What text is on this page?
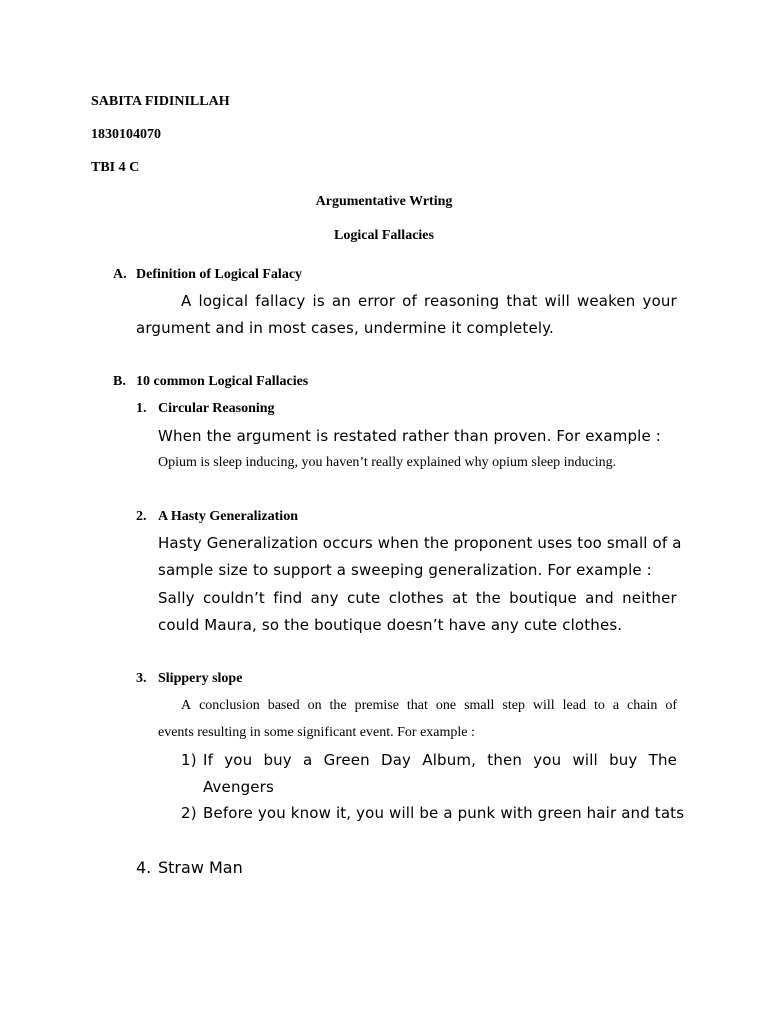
SABITA FIDINILLAH
1830104070
TBI 4 C
Argumentative Wrting
Logical Fallacies
A. Definition of Logical Falacy
A logical fallacy is an error of reasoning that will weaken your
argument and in most cases, undermine it completely.
B. 10 common Logical Fallacies
1. Circular Reasoning
When the argument is restated rather than proven. For example :
Opium is sleep inducing, you haven’t really explained why opium sleep inducing.
2. A Hasty Generalization
Hasty Generalization occurs when the proponent uses too small of a
sample size to support a sweeping generalization. For example :
Sally couldn’t find any cute clothes at the boutique and neither
could Maura, so the boutique doesn’t have any cute clothes.
3. Slippery slope
A conclusion based on the premise that one small step will lead to a chain of
events resulting in some significant event. For example :
1) If you buy a Green Day Album, then you will buy The
Avengers
2) Before you know it, you will be a punk with green hair and tats
4. Straw Man
